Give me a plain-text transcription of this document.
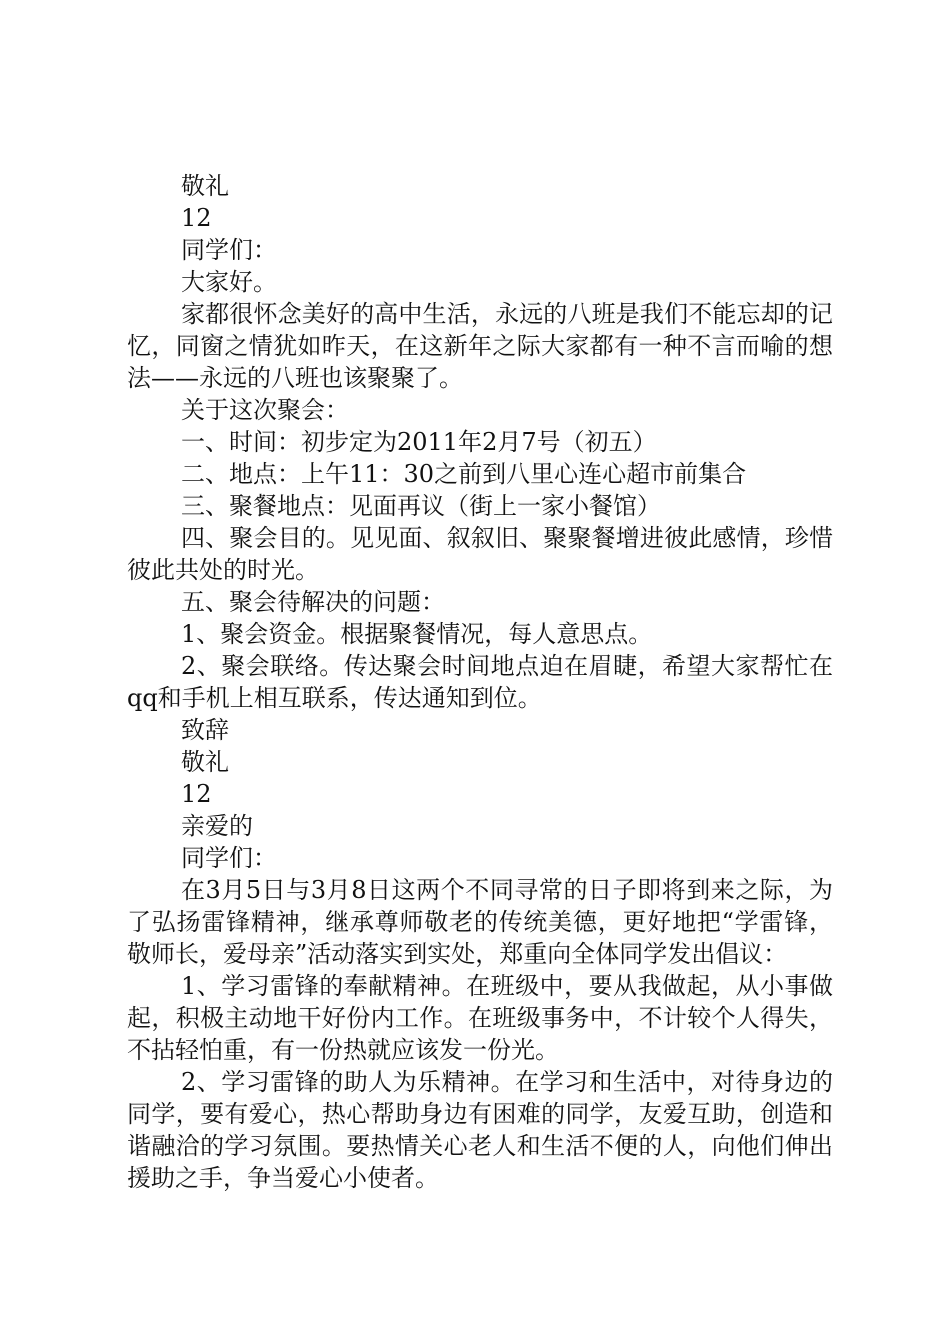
敬礼
12
同学们：
大家好。

家都很怀念美好的高中生活，永远的八班是我们不能忘却的记忆，同窗之情犹如昨天，在这新年之际大家都有一种不言而喻的想法——永远的八班也该聚聚了。

关于这次聚会：
一、时间：初步定为2011年2月7号（初五）
二、地点：上午11：30之前到八里心连心超市前集合
三、聚餐地点：见面再议（街上一家小餐馆）

四、聚会目的。见见面、叙叙旧、聚聚餐增进彼此感情，珍惜彼此共处的时光。

五、聚会待解决的问题：
1、聚会资金。根据聚餐情况，每人意思点。

2、聚会联络。传达聚会时间地点迫在眉睫，希望大家帮忙在qq和手机上相互联系，传达通知到位。

致辞
敬礼
12
亲爱的
同学们：

在3月5日与3月8日这两个不同寻常的日子即将到来之际，为了弘扬雷锋精神，继承尊师敬老的传统美德，更好地把“学雷锋，敬师长，爱母亲”活动落实到实处，郑重向全体同学发出倡议：

1、学习雷锋的奉献精神。在班级中，要从我做起，从小事做起，积极主动地干好份内工作。在班级事务中，不计较个人得失，不拈轻怕重，有一份热就应该发一份光。

2、学习雷锋的助人为乐精神。在学习和生活中，对待身边的同学，要有爱心，热心帮助身边有困难的同学，友爱互助，创造和谐融洽的学习氛围。要热情关心老人和生活不便的人，向他们伸出援助之手，争当爱心小使者。
